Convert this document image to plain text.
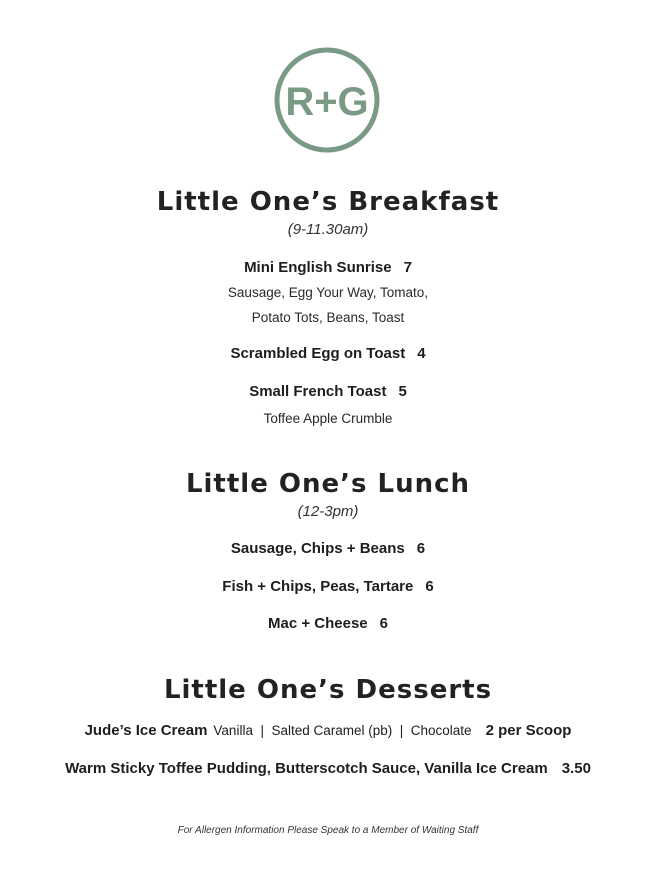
R+G
Little One’s Breakfast
(9-11.30am)
Mini English Sunrise 7
Sausage, Egg Your Way, Tomato,
Potato Tots, Beans, Toast
Scrambled Egg on Toast 4
Small French Toast 5
Toffee Apple Crumble
Little One’s Lunch
(12-3pm)
Sausage, Chips + Beans 6
Fish + Chips, Peas, Tartare 6
Mac + Cheese 6
Little One’s Desserts
Jude’s Ice Cream Vanilla  |  Salted Caramel (pb)  |  Chocolate 2 per Scoop
Warm Sticky Toffee Pudding, Butterscotch Sauce, Vanilla Ice Cream 3.50
For Allergen Information Please Speak to a Member of Waiting Staff
